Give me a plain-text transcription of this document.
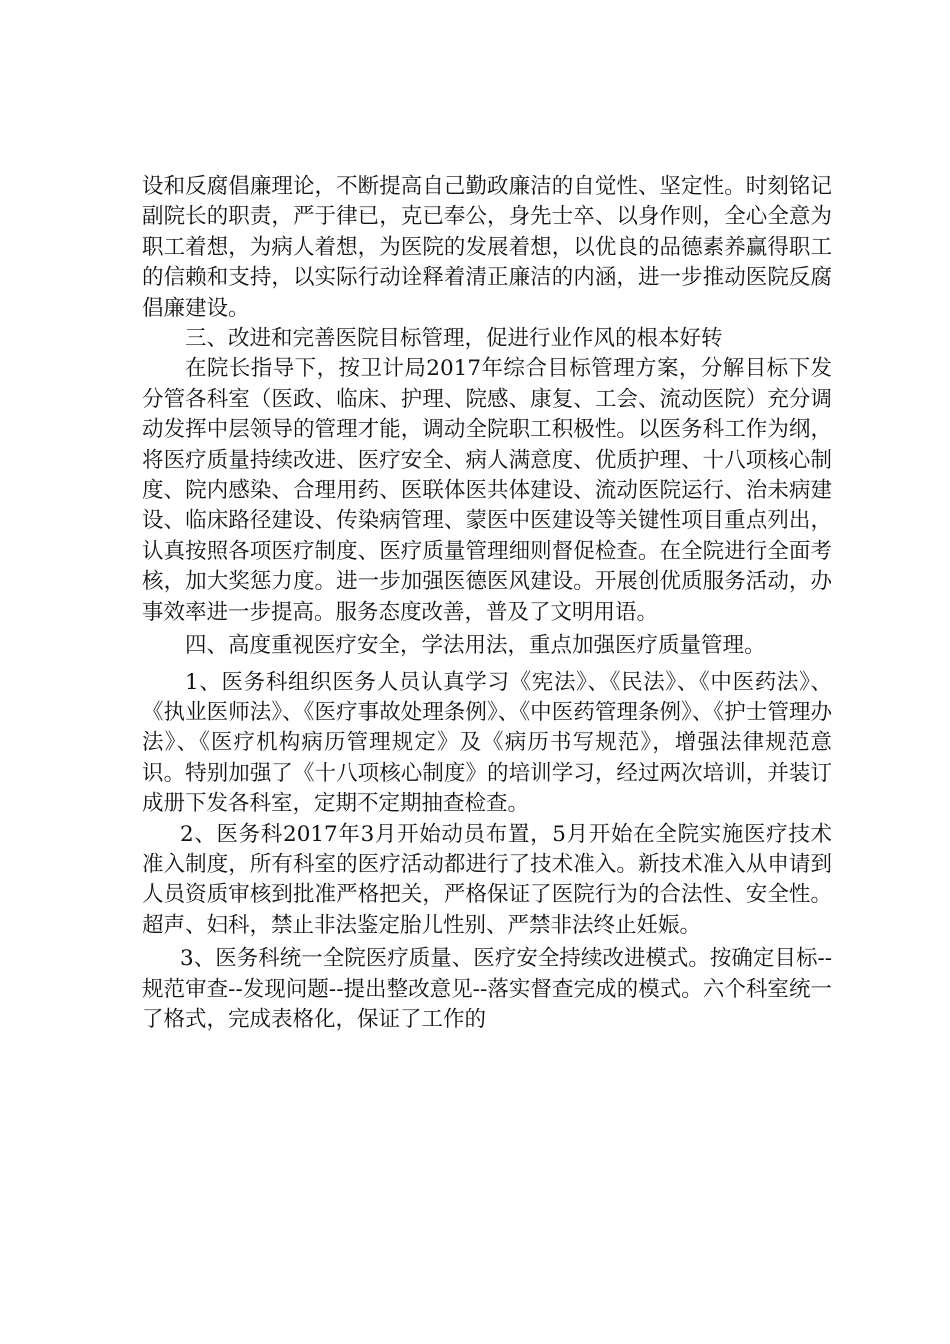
设和反腐倡廉理论，不断提高自己勤政廉洁的自觉性、坚定性。时刻铭记副院长的职责，严于律已，克已奉公，身先士卒、以身作则，全心全意为职工着想，为病人着想，为医院的发展着想，以优良的品德素养赢得职工的信赖和支持，以实际行动诠释着清正廉洁的内涵，进一步推动医院反腐倡廉建设。

三、改进和完善医院目标管理，促进行业作风的根本好转

在院长指导下，按卫计局2017年综合目标管理方案，分解目标下发分管各科室（医政、临床、护理、院感、康复、工会、流动医院）充分调动发挥中层领导的管理才能，调动全院职工积极性。以医务科工作为纲，将医疗质量持续改进、医疗安全、病人满意度、优质护理、十八项核心制度、院内感染、合理用药、医联体医共体建设、流动医院运行、治未病建设、临床路径建设、传染病管理、蒙医中医建设等关键性项目重点列出，认真按照各项医疗制度、医疗质量管理细则督促检查。在全院进行全面考核，加大奖惩力度。进一步加强医德医风建设。开展创优质服务活动，办事效率进一步提高。服务态度改善，普及了文明用语。

四、高度重视医疗安全，学法用法，重点加强医疗质量管理。

1、医务科组织医务人员认真学习《宪法》、《民法》、《中医药法》、《执业医师法》、《医疗事故处理条例》、《中医药管理条例》、《护士管理办法》、《医疗机构病历管理规定》及《病历书写规范》，增强法律规范意识。特别加强了《十八项核心制度》的培训学习，经过两次培训，并装订成册下发各科室，定期不定期抽查检查。

2、医务科2017年3月开始动员布置，5月开始在全院实施医疗技术准入制度，所有科室的医疗活动都进行了技术准入。新技术准入从申请到人员资质审核到批准严格把关，严格保证了医院行为的合法性、安全性。超声、妇科，禁止非法鉴定胎儿性别、严禁非法终止妊娠。

3、医务科统一全院医疗质量、医疗安全持续改进模式。按确定目标--规范审查--发现问题--提出整改意见--落实督查完成的模式。六个科室统一了格式，完成表格化，保证了工作的
